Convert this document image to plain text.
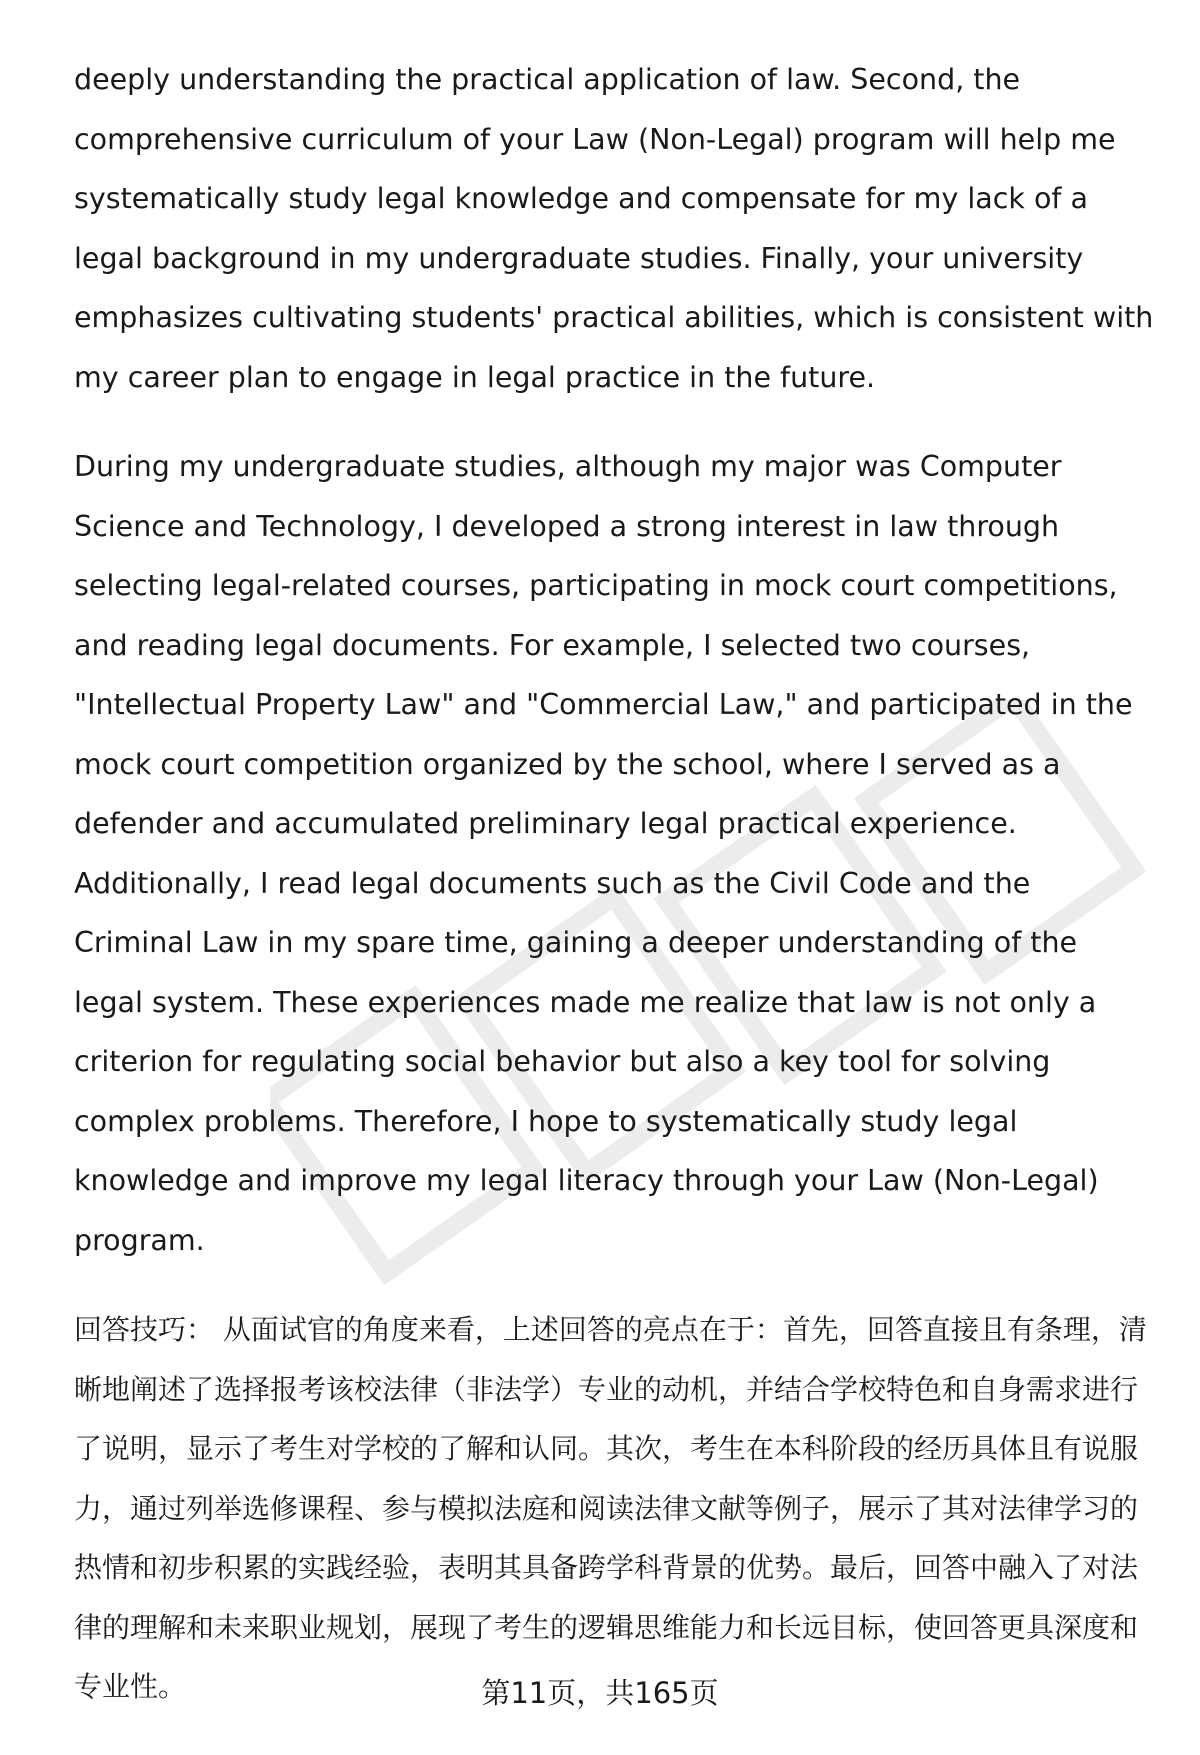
deeply understanding the practical application of law. Second, the comprehensive curriculum of your Law (Non-Legal) program will help me systematically study legal knowledge and compensate for my lack of a legal background in my undergraduate studies. Finally, your university emphasizes cultivating students' practical abilities, which is consistent with my career plan to engage in legal practice in the future.

During my undergraduate studies, although my major was Computer Science and Technology, I developed a strong interest in law through selecting legal-related courses, participating in mock court competitions, and reading legal documents. For example, I selected two courses, "Intellectual Property Law" and "Commercial Law," and participated in the mock court competition organized by the school, where I served as a defender and accumulated preliminary legal practical experience. Additionally, I read legal documents such as the Civil Code and the Criminal Law in my spare time, gaining a deeper understanding of the legal system. These experiences made me realize that law is not only a criterion for regulating social behavior but also a key tool for solving complex problems. Therefore, I hope to systematically study legal knowledge and improve my legal literacy through your Law (Non-Legal) program.

回答技巧： 从面试官的角度来看，上述回答的亮点在于：首先，回答直接且有条理，清晰地阐述了选择报考该校法律（非法学）专业的动机，并结合学校特色和自身需求进行了说明，显示了考生对学校的了解和认同。其次，考生在本科阶段的经历具体且有说服力，通过列举选修课程、参与模拟法庭和阅读法律文献等例子，展示了其对法律学习的热情和初步积累的实践经验，表明其具备跨学科背景的优势。最后，回答中融入了对法律的理解和未来职业规划，展现了考生的逻辑思维能力和长远目标，使回答更具深度和专业性。	第11页，共165页
